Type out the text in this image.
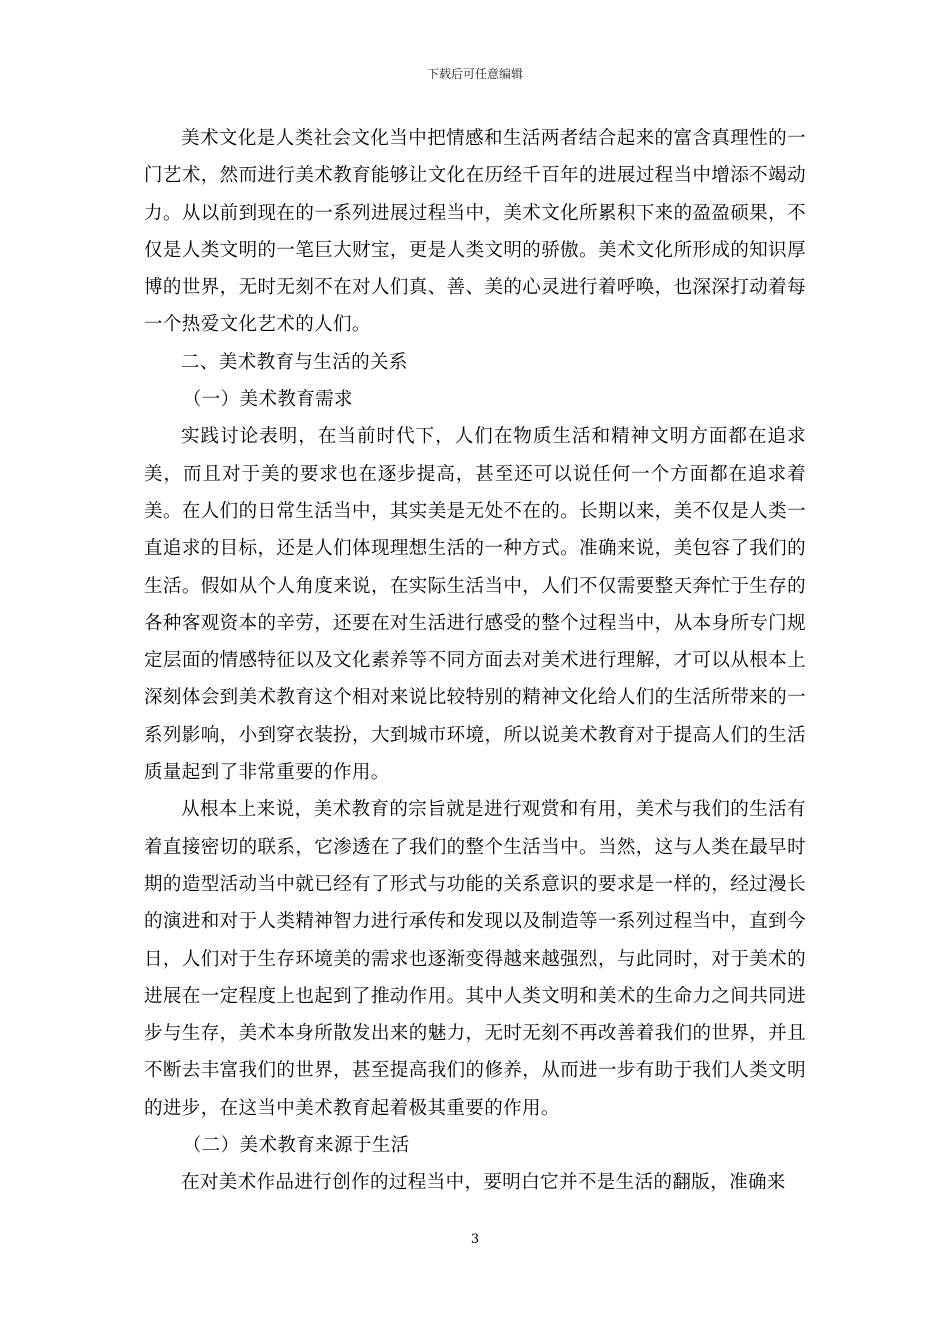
下载后可任意编辑

美术文化是人类社会文化当中把情感和生活两者结合起来的富含真理性的一门艺术，然而进行美术教育能够让文化在历经千百年的进展过程当中增添不竭动力。从以前到现在的一系列进展过程当中，美术文化所累积下来的盈盈硕果，不仅是人类文明的一笔巨大财宝，更是人类文明的骄傲。美术文化所形成的知识厚博的世界，无时无刻不在对人们真、善、美的心灵进行着呼唤，也深深打动着每一个热爱文化艺术的人们。

二、美术教育与生活的关系

（一）美术教育需求

实践讨论表明，在当前时代下，人们在物质生活和精神文明方面都在追求美，而且对于美的要求也在逐步提高，甚至还可以说任何一个方面都在追求着美。在人们的日常生活当中，其实美是无处不在的。长期以来，美不仅是人类一直追求的目标，还是人们体现理想生活的一种方式。准确来说，美包容了我们的生活。假如从个人角度来说，在实际生活当中，人们不仅需要整天奔忙于生存的各种客观资本的辛劳，还要在对生活进行感受的整个过程当中，从本身所专门规定层面的情感特征以及文化素养等不同方面去对美术进行理解，才可以从根本上深刻体会到美术教育这个相对来说比较特别的精神文化给人们的生活所带来的一系列影响，小到穿衣装扮，大到城市环境，所以说美术教育对于提高人们的生活质量起到了非常重要的作用。

从根本上来说，美术教育的宗旨就是进行观赏和有用，美术与我们的生活有着直接密切的联系，它渗透在了我们的整个生活当中。当然，这与人类在最早时期的造型活动当中就已经有了形式与功能的关系意识的要求是一样的，经过漫长的演进和对于人类精神智力进行承传和发现以及制造等一系列过程当中，直到今日，人们对于生存环境美的需求也逐渐变得越来越强烈，与此同时，对于美术的进展在一定程度上也起到了推动作用。其中人类文明和美术的生命力之间共同进步与生存，美术本身所散发出来的魅力，无时无刻不再改善着我们的世界，并且不断去丰富我们的世界，甚至提高我们的修养，从而进一步有助于我们人类文明的进步，在这当中美术教育起着极其重要的作用。

（二）美术教育来源于生活

在对美术作品进行创作的过程当中，要明白它并不是生活的翻版，准确来

3
